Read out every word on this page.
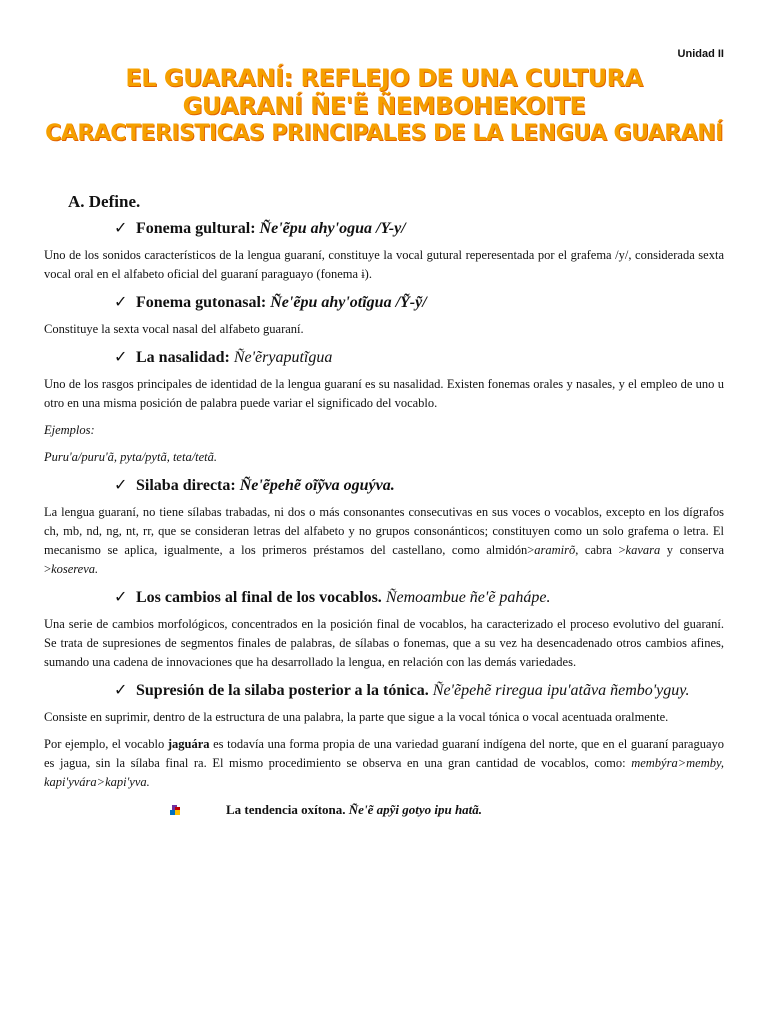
Unidad II
EL GUARANÍ: REFLEJO DE UNA CULTURA
GUARANÍ ÑE'Ẽ ÑEMBOHEKOITE
CARACTERISTICAS PRINCIPALES DE LA LENGUA GUARANÍ
A. Define.
✓ Fonema gultural: Ñe'ẽpu ahy'ogua /Y-y/
Uno de los sonidos característicos de la lengua guaraní, constituye la vocal gutural reperesentada por el grafema /y/, considerada sexta vocal oral en el alfabeto oficial del guaraní paraguayo (fonema ɨ).
✓ Fonema gutonasal: Ñe'ẽpu ahy'otĩgua /Ỹ-ỹ/
Constituye la sexta vocal nasal del alfabeto guaraní.
✓ La nasalidad: Ñe'ẽryaputĩgua
Uno de los rasgos principales de identidad de la lengua guaraní es su nasalidad. Existen fonemas orales y nasales, y el empleo de uno u otro en una misma posición de palabra puede variar el significado del vocablo.
Ejemplos:
Puru'a/puru'ã, pyta/pytã, teta/tetã.
✓ Silaba directa: Ñe'ẽpehẽ oĩỹva oguýva.
La lengua guaraní, no tiene sílabas trabadas, ni dos o más consonantes consecutivas en sus voces o vocablos, excepto en los dígrafos ch, mb, nd, ng, nt, rr, que se consideran letras del alfabeto y no grupos consonánticos; constituyen como un solo grafema o letra. El mecanismo se aplica, igualmente, a los primeros préstamos del castellano, como almidón>aramirõ, cabra >kavara y conserva >kosereva.
✓ Los cambios al final de los vocablos. Ñemoambue ñe'ẽ paháp​e.
Una serie de cambios morfológicos, concentrados en la posición final de vocablos, ha caracterizado el proceso evolutivo del guaraní. Se trata de supresiones de segmentos finales de palabras, de sílabas o fonemas, que a su vez ha desencadenado otros cambios afines, sumando una cadena de innovaciones que ha desarrollado la lengua, en relación con las demás variedades.
✓ Supresión de la silaba posterior a la tónica. Ñe'ẽpehẽ riregua ipu'atãva ñembo'yguy.
Consiste en suprimir, dentro de la estructura de una palabra, la parte que sigue a la vocal tónica o vocal acentuada oralmente.
Por ejemplo, el vocablo jaguára es todavía una forma propia de una variedad guaraní indígena del norte, que en el guaraní paraguayo es jagua, sin la sílaba final ra. El mismo procedimiento se observa en una gran cantidad de vocablos, como: membýra>memby, kapi'yvára>kapi'yva.
La tendencia oxítona. Ñe'ẽ apỹi gotyo ipu hatã.
